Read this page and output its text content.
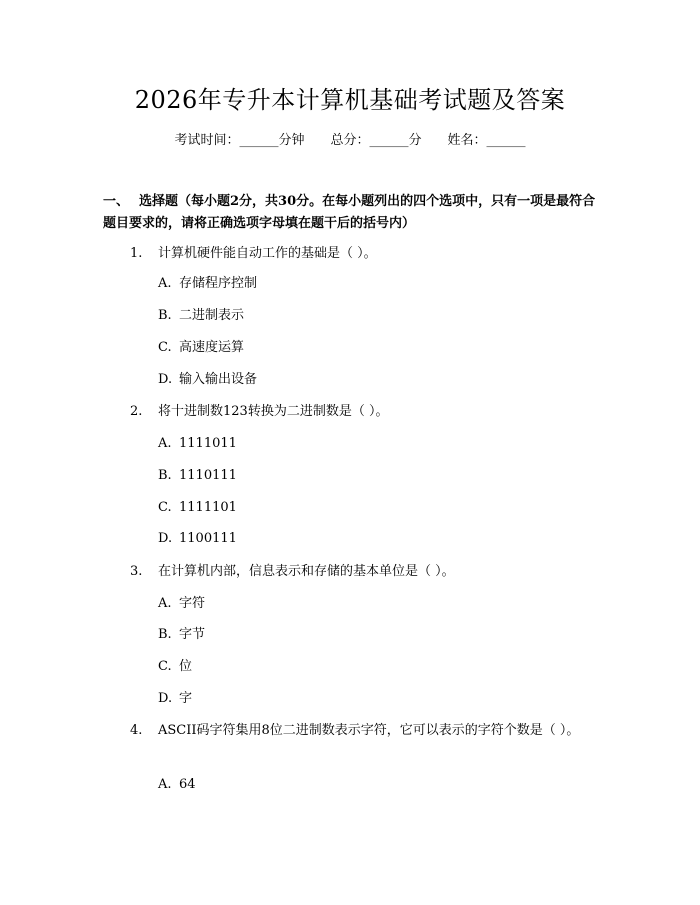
2026年专升本计算机基础考试题及答案
考试时间：______分钟 总分：______分 姓名：______
一、 选择题（每小题2分，共30分。在每小题列出的四个选项中，只有一项是最符合题目要求的，请将正确选项字母填在题干后的括号内）
1. 计算机硬件能自动工作的基础是（ ）。
A. 存储程序控制
B. 二进制表示
C. 高速度运算
D. 输入输出设备
2. 将十进制数123转换为二进制数是（ ）。
A. 1111011
B. 1110111
C. 1111101
D. 1100111
3. 在计算机内部，信息表示和存储的基本单位是（ ）。
A. 字符
B. 字节
C. 位
D. 字
4. ASCII码字符集用8位二进制数表示字符，它可以表示的字符个数是（ ）。
A. 64
